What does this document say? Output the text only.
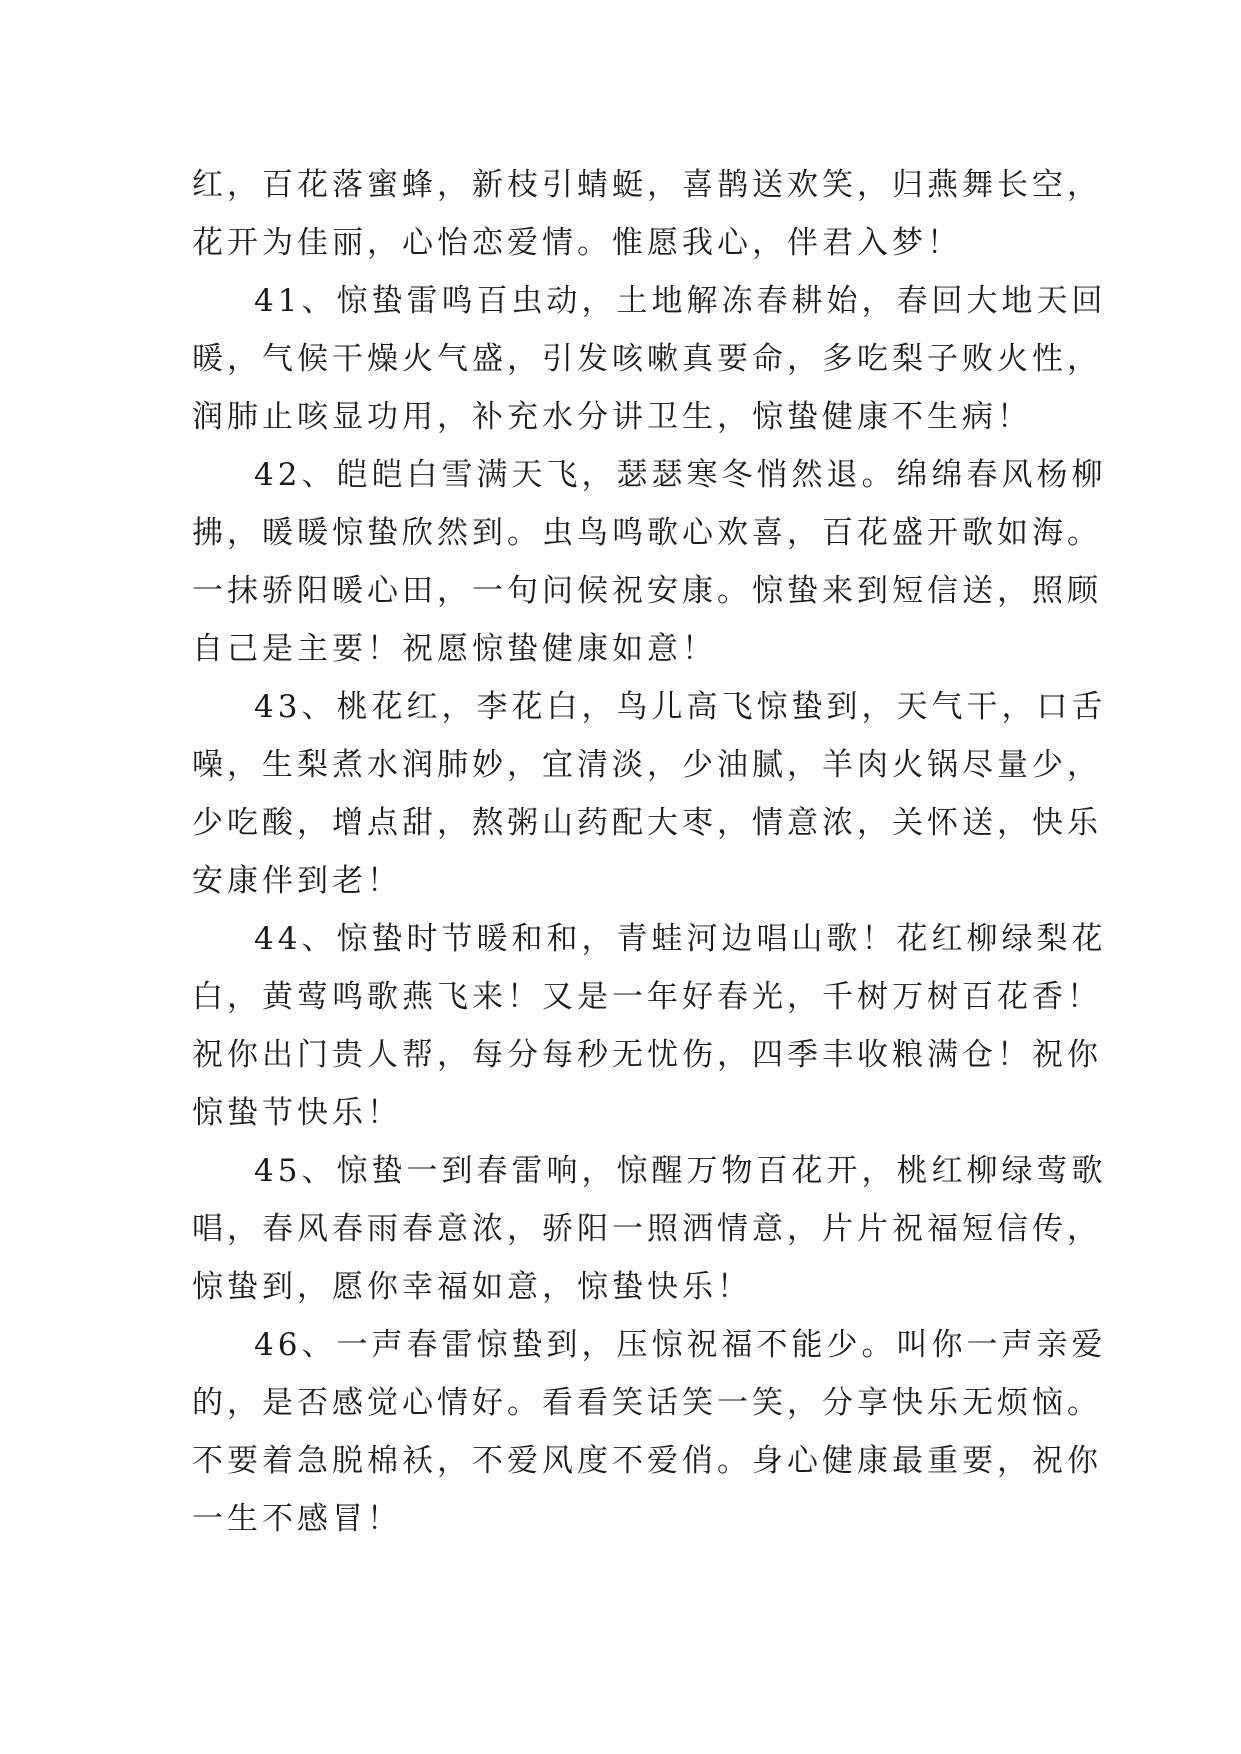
红，百花落蜜蜂，新枝引蜻蜓，喜鹊送欢笑，归燕舞长空，
花开为佳丽，心怡恋爱情。惟愿我心，伴君入梦！
41、惊蛰雷鸣百虫动，土地解冻春耕始，春回大地天回
暖，气候干燥火气盛，引发咳嗽真要命，多吃梨子败火性，
润肺止咳显功用，补充水分讲卫生，惊蛰健康不生病！
42、皑皑白雪满天飞，瑟瑟寒冬悄然退。绵绵春风杨柳
拂，暖暖惊蛰欣然到。虫鸟鸣歌心欢喜，百花盛开歌如海。
一抹骄阳暖心田，一句问候祝安康。惊蛰来到短信送，照顾
自己是主要！祝愿惊蛰健康如意！
43、桃花红，李花白，鸟儿高飞惊蛰到，天气干，口舌
噪，生梨煮水润肺妙，宜清淡，少油腻，羊肉火锅尽量少，
少吃酸，增点甜，熬粥山药配大枣，情意浓，关怀送，快乐
安康伴到老！
44、惊蛰时节暖和和，青蛙河边唱山歌！花红柳绿梨花
白，黄莺鸣歌燕飞来！又是一年好春光，千树万树百花香！
祝你出门贵人帮，每分每秒无忧伤，四季丰收粮满仓！祝你
惊蛰节快乐！
45、惊蛰一到春雷响，惊醒万物百花开，桃红柳绿莺歌
唱，春风春雨春意浓，骄阳一照洒情意，片片祝福短信传，
惊蛰到，愿你幸福如意，惊蛰快乐！
46、一声春雷惊蛰到，压惊祝福不能少。叫你一声亲爱
的，是否感觉心情好。看看笑话笑一笑，分享快乐无烦恼。
不要着急脱棉袄，不爱风度不爱俏。身心健康最重要，祝你
一生不感冒！
